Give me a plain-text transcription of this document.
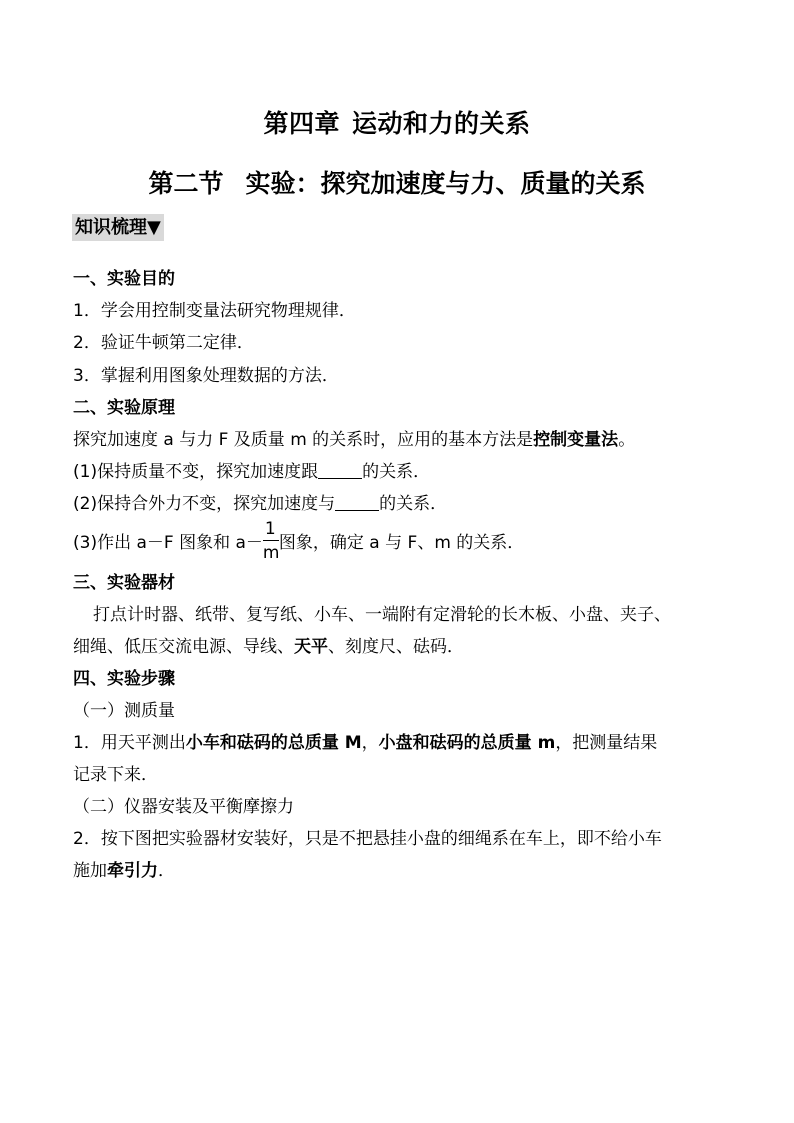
第四章 运动和力的关系
第二节 实验：探究加速度与力、质量的关系
知识梳理▼
一、实验目的
1．学会用控制变量法研究物理规律．
2．验证牛顿第二定律．
3．掌握利用图象处理数据的方法．
二、实验原理
探究加速度 a 与力 F 及质量 m 的关系时，应用的基本方法是控制变量法。
(1)保持质量不变，探究加速度跟	的关系．
(2)保持合外力不变，探究加速度与	的关系．
(3)作出 a－F 图象和 $a- \frac{1}{m}$ 图象，确定 a 与 F、m 的关系．
三、实验器材
打点计时器、纸带、复写纸、小车、一端附有定滑轮的长木板、小盘、夹子、
细绳、低压交流电源、导线、天平、刻度尺、砝码．
四、实验步骤
（一）测质量
1．用天平测出小车和砝码的总质量 M，小盘和砝码的总质量 m，把测量结果
记录下来．
（二）仪器安装及平衡摩擦力
2．按下图把实验器材安装好，只是不把悬挂小盘的细绳系在车上，即不给小车
施加牵引力．
